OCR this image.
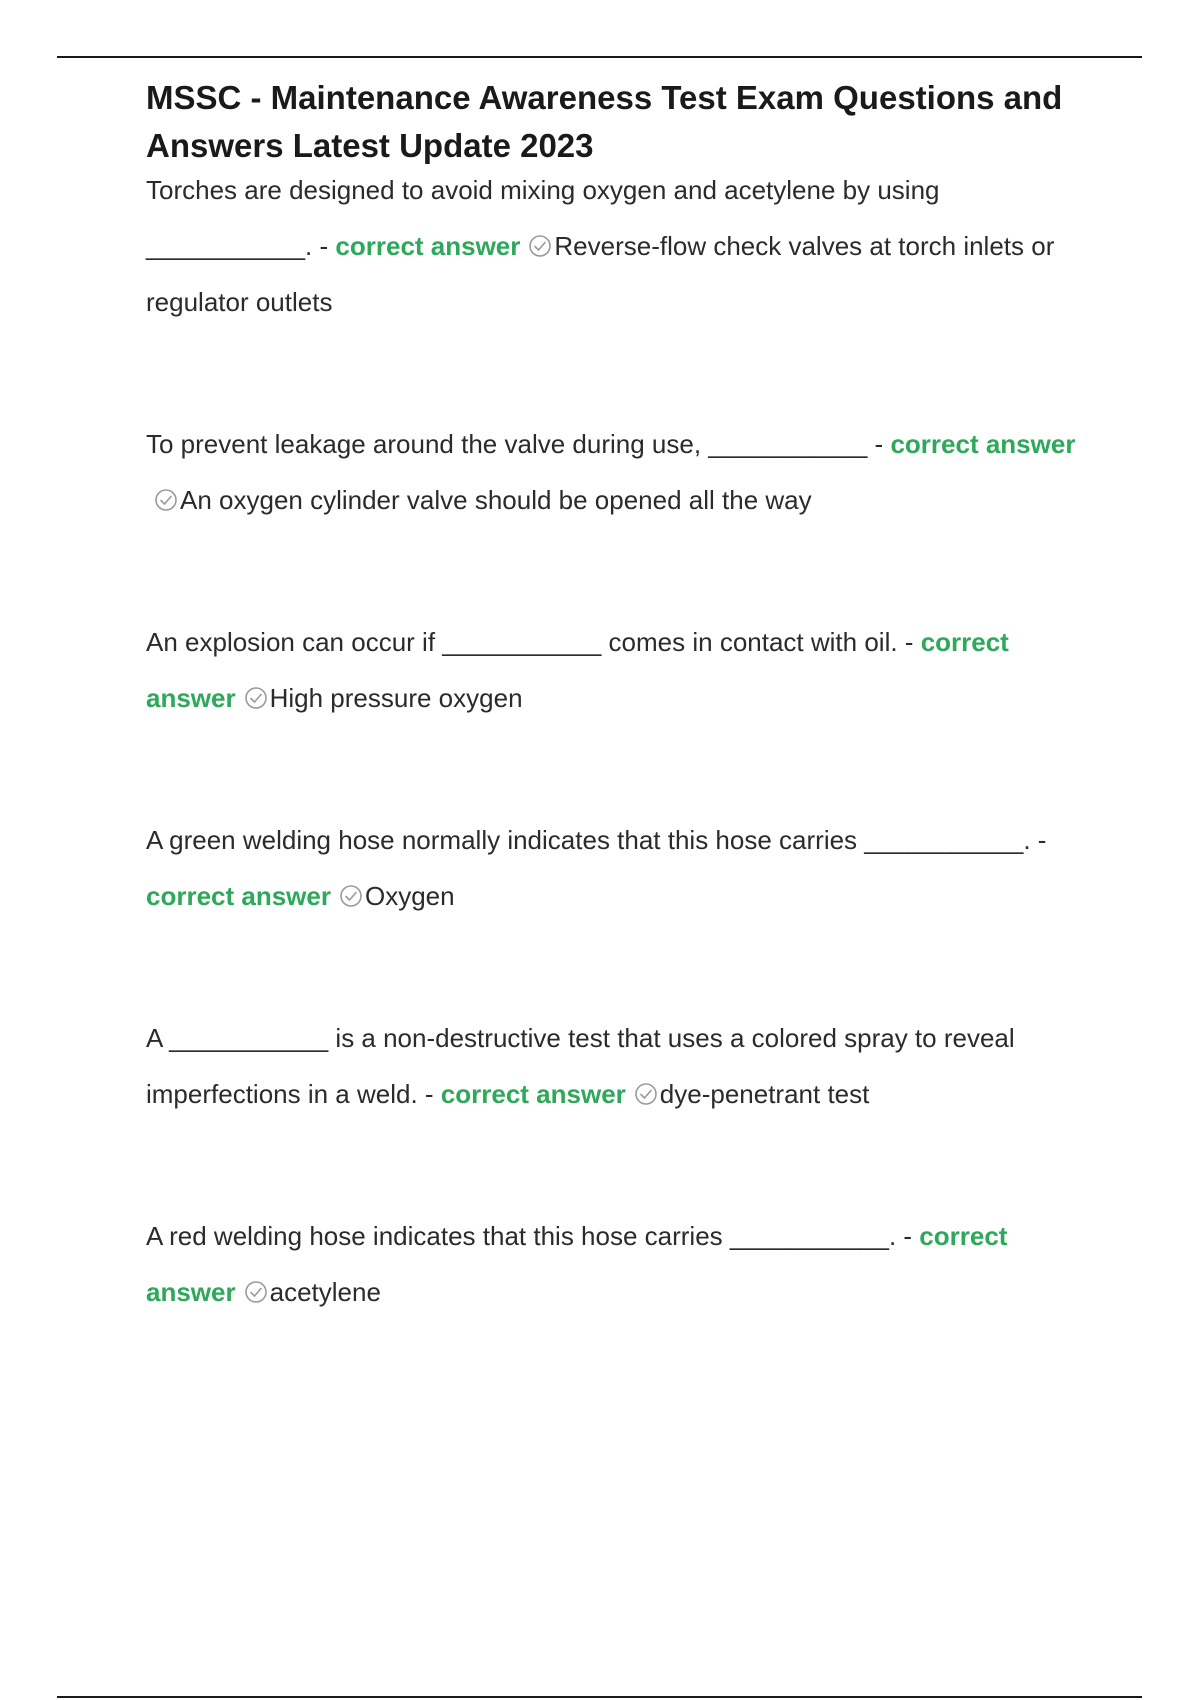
MSSC - Maintenance Awareness Test Exam Questions and Answers Latest Update 2023
Torches are designed to avoid mixing oxygen and acetylene by using ___________. - correct answer Reverse-flow check valves at torch inlets or regulator outlets
To prevent leakage around the valve during use, ___________ - correct answer
An oxygen cylinder valve should be opened all the way
An explosion can occur if ___________ comes in contact with oil. - correct answer High pressure oxygen
A green welding hose normally indicates that this hose carries ___________. - correct answer Oxygen
A ___________ is a non-destructive test that uses a colored spray to reveal imperfections in a weld. - correct answer dye-penetrant test
A red welding hose indicates that this hose carries ___________. - correct answer acetylene
